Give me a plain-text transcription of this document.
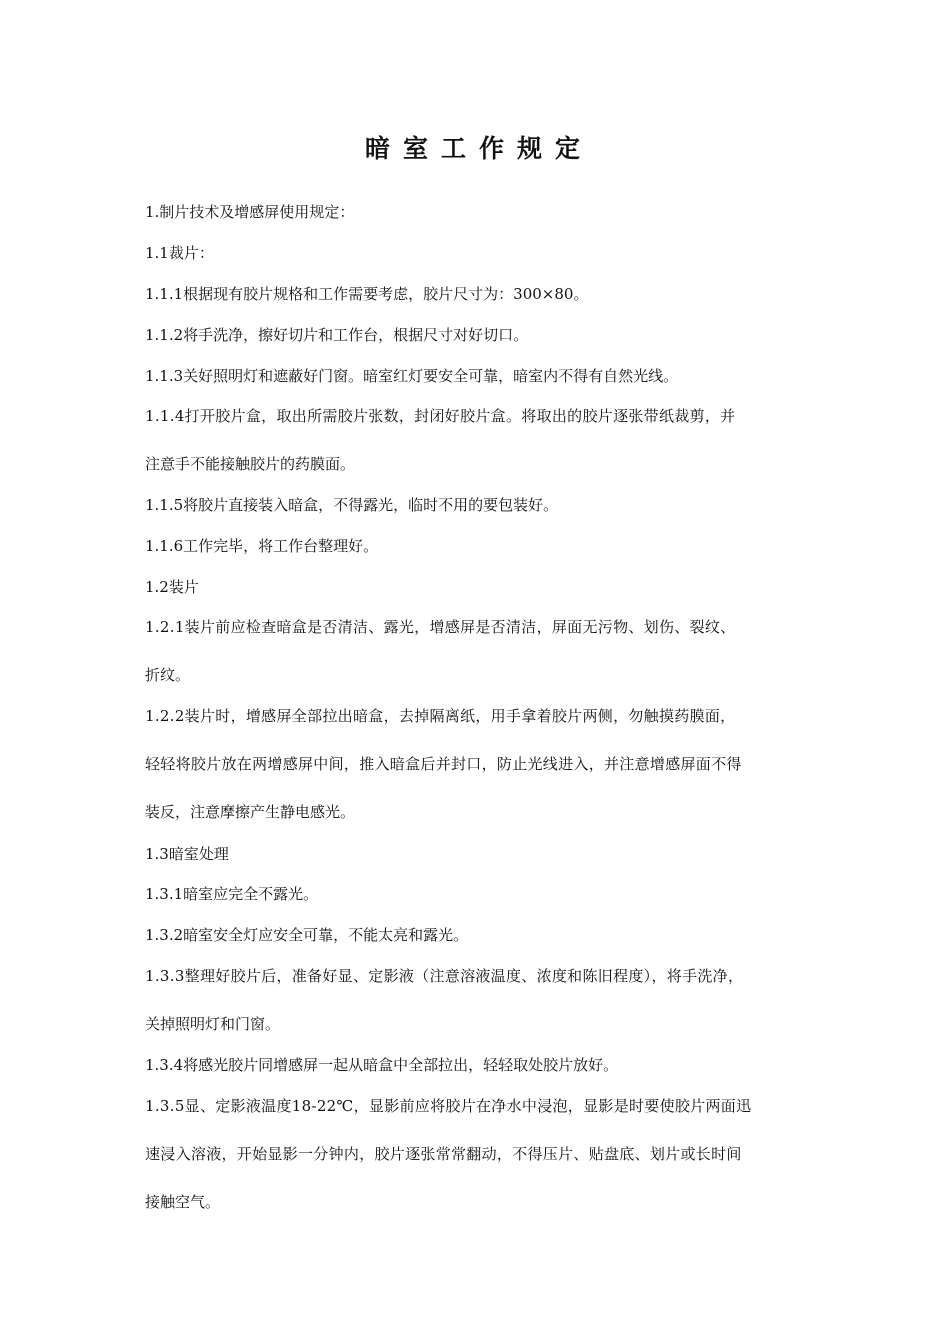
暗室工作规定
1.制片技术及增感屏使用规定：
1.1裁片：
1.1.1根据现有胶片规格和工作需要考虑，胶片尺寸为：300×80。
1.1.2将手洗净，擦好切片和工作台，根据尺寸对好切口。
1.1.3关好照明灯和遮蔽好门窗。暗室红灯要安全可靠，暗室内不得有自然光线。
1.1.4打开胶片盒，取出所需胶片张数，封闭好胶片盒。将取出的胶片逐张带纸裁剪，并
注意手不能接触胶片的药膜面。
1.1.5将胶片直接装入暗盒，不得露光，临时不用的要包装好。
1.1.6工作完毕，将工作台整理好。
1.2装片
1.2.1装片前应检查暗盒是否清洁、露光，增感屏是否清洁，屏面无污物、划伤、裂纹、
折纹。
1.2.2装片时，增感屏全部拉出暗盒，去掉隔离纸，用手拿着胶片两侧，勿触摸药膜面，
轻轻将胶片放在两增感屏中间，推入暗盒后并封口，防止光线进入，并注意增感屏面不得
装反，注意摩擦产生静电感光。
1.3暗室处理
1.3.1暗室应完全不露光。
1.3.2暗室安全灯应安全可靠，不能太亮和露光。
1.3.3整理好胶片后，准备好显、定影液（注意溶液温度、浓度和陈旧程度），将手洗净，
关掉照明灯和门窗。
1.3.4将感光胶片同增感屏一起从暗盒中全部拉出，轻轻取处胶片放好。
1.3.5显、定影液温度18-22℃，显影前应将胶片在净水中浸泡，显影是时要使胶片两面迅
速浸入溶液，开始显影一分钟内，胶片逐张常常翻动，不得压片、贴盘底、划片或长时间
接触空气。
